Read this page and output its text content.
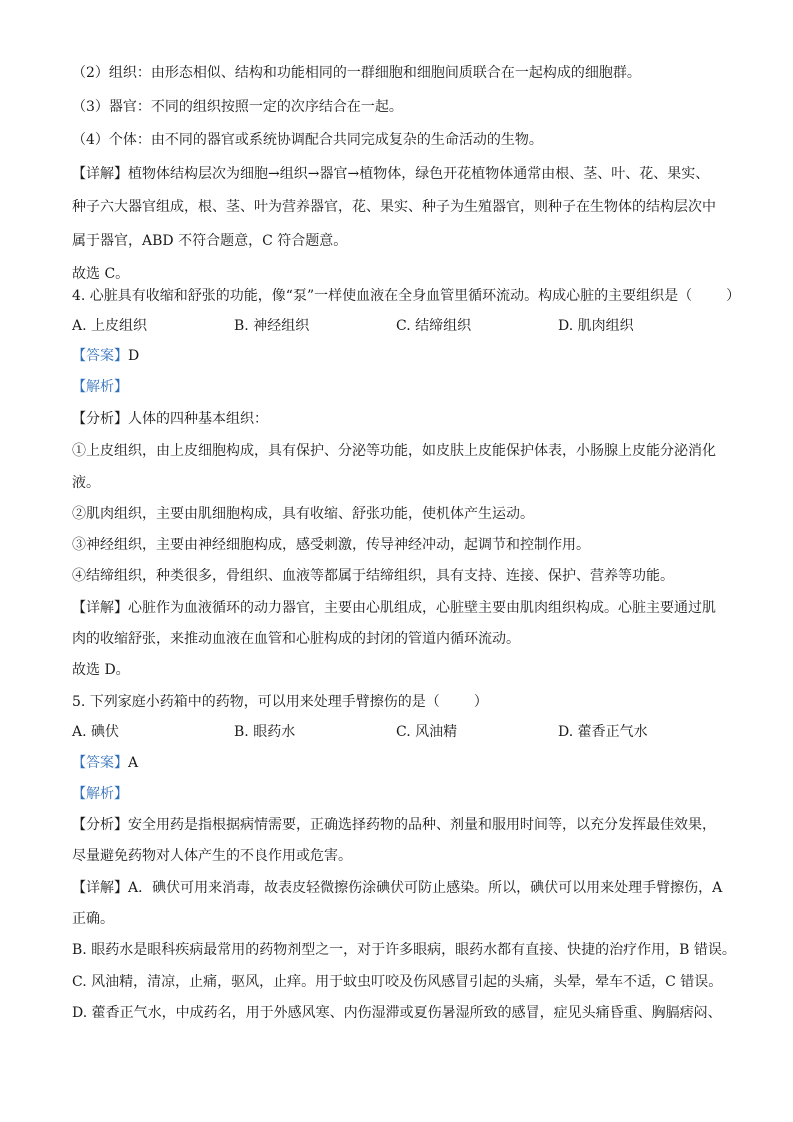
（2）组织：由形态相似、结构和功能相同的一群细胞和细胞间质联合在一起构成的细胞群。
（3）器官：不同的组织按照一定的次序结合在一起。
（4）个体：由不同的器官或系统协调配合共同完成复杂的生命活动的生物。
【详解】植物体结构层次为细胞→组织→器官→植物体，绿色开花植物体通常由根、茎、叶、花、果实、
种子六大器官组成，根、茎、叶为营养器官，花、果实、种子为生殖器官，则种子在生物体的结构层次中
属于器官，ABD 不符合题意，C 符合题意。
故选 C。
4. 心脏具有收缩和舒张的功能，像“泵”一样使血液在全身血管里循环流动。构成心脏的主要组织是（ ）
A. 上皮组织	B. 神经组织	C. 结缔组织	D. 肌肉组织
【答案】D
【解析】
【分析】人体的四种基本组织：
①上皮组织，由上皮细胞构成，具有保护、分泌等功能，如皮肤上皮能保护体表，小肠腺上皮能分泌消化
液。
②肌肉组织，主要由肌细胞构成，具有收缩、舒张功能，使机体产生运动。
③神经组织，主要由神经细胞构成，感受刺激，传导神经冲动，起调节和控制作用。
④结缔组织，种类很多，骨组织、血液等都属于结缔组织，具有支持、连接、保护、营养等功能。
【详解】心脏作为血液循环的动力器官，主要由心肌组成，心脏壁主要由肌肉组织构成。心脏主要通过肌
肉的收缩舒张，来推动血液在血管和心脏构成的封闭的管道内循环流动。
故选 D。
5. 下列家庭小药箱中的药物，可以用来处理手臂擦伤的是（ ）
A. 碘伏	B. 眼药水	C. 风油精	D. 藿香正气水
【答案】A
【解析】
【分析】安全用药是指根据病情需要，正确选择药物的品种、剂量和服用时间等，以充分发挥最佳效果，
尽量避免药物对人体产生的不良作用或危害。
【详解】A．碘伏可用来消毒，故表皮轻微擦伤涂碘伏可防止感染。所以，碘伏可以用来处理手臂擦伤，A
正确。
B. 眼药水是眼科疾病最常用的药物剂型之一，对于许多眼病，眼药水都有直接、快捷的治疗作用，B 错误。
C. 风油精，清凉，止痛，驱风，止痒。用于蚊虫叮咬及伤风感冒引起的头痛，头晕，晕车不适，C 错误。
D. 藿香正气水，中成药名，用于外感风寒、内伤湿滞或夏伤暑湿所致的感冒，症见头痛昏重、胸膈痞闷、
